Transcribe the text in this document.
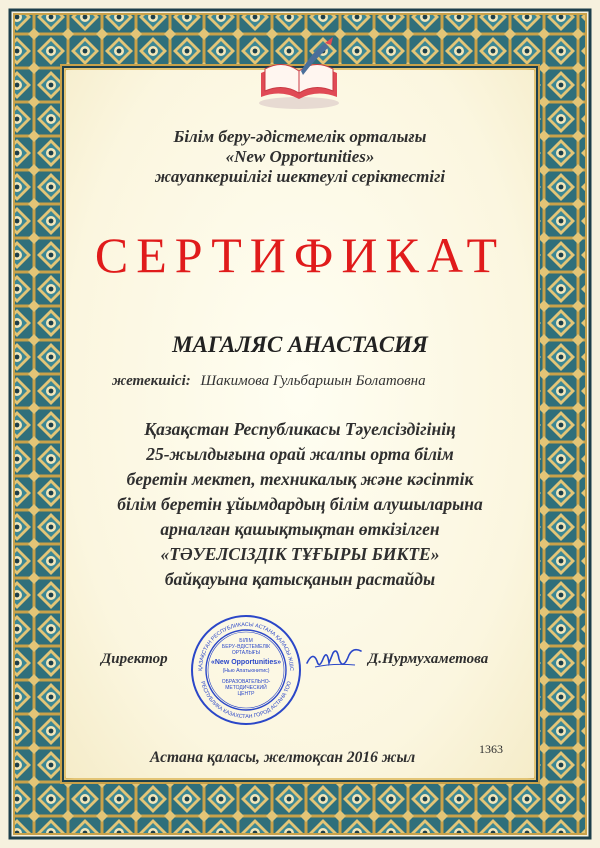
Білім беру-әдістемелік орталығы
«New Opportunities»
жауапкершілігі шектеулі серіктестігі
СЕРТИФИКАТ
МАГАЛЯС АНАСТАСИЯ
жетекшісі: Шакимова Гульбаршын Болатовна
Қазақстан Республикасы Тәуелсіздігінің
25-жылдығына орай жалпы орта білім
беретін мектеп, техникалық және кәсіптік
білім беретін ұйымдардың білім алушыларына
арналған қашықтықтан өткізілген
«ТӘУЕЛСІЗДІК ТҰҒЫРЫ БИКТЕ»
байқауына қатысқанын растайды
Директор
ҚАЗАҚСТАН РЕСПУБЛИКАСЫ АСТАНА ҚАЛАСЫ ЖШС
РЕСПУБЛИКА КАЗАХСТАН ГОРОД АСТАНА ТОО
БІЛІМ
БЕРУ-ӘДІСТЕМЕЛІК
ОРТАЛЫҒЫ
«New Opportunities»
(Нью Апатьюнитис)
ОБРАЗОВАТЕЛЬНО-
МЕТОДИЧЕСКИЙ
ЦЕНТР
Д.Нурмухаметова
Астана қаласы, желтоқсан 2016 жыл	1363
